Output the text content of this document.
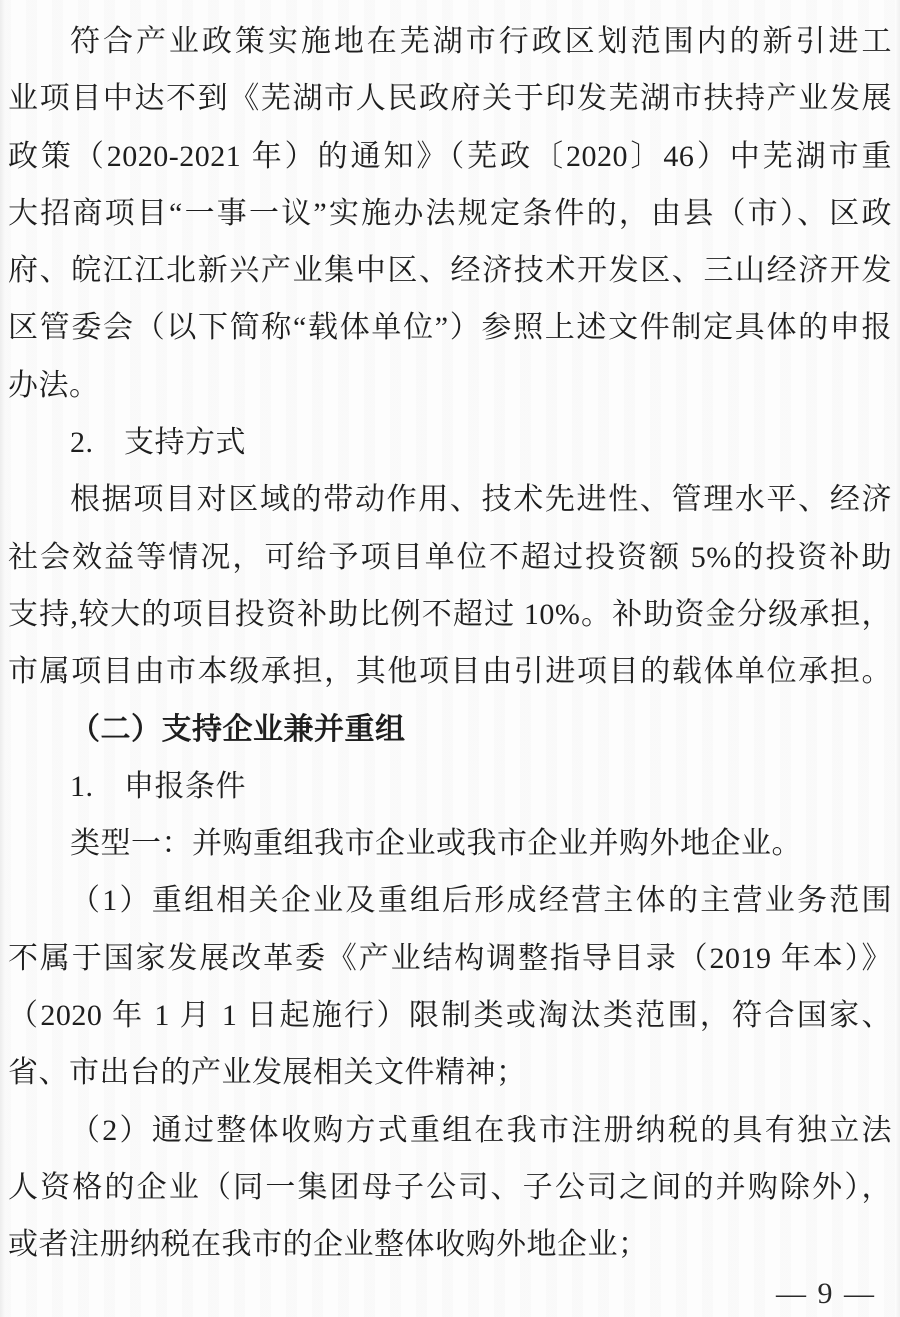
符合产业政策实施地在芜湖市行政区划范围内的新引进工
业项目中达不到《芜湖市人民政府关于印发芜湖市扶持产业发展
政策（2020-2021 年）的通知》（芜政〔2020〕46）中芜湖市重
大招商项目“一事一议”实施办法规定条件的，由县（市）、区政
府、皖江江北新兴产业集中区、经济技术开发区、三山经济开发
区管委会（以下简称“载体单位”）参照上述文件制定具体的申报
办法。
2.　支持方式
根据项目对区域的带动作用、技术先进性、管理水平、经济
社会效益等情况，可给予项目单位不超过投资额 5%的投资补助
支持,较大的项目投资补助比例不超过 10%。补助资金分级承担，
市属项目由市本级承担，其他项目由引进项目的载体单位承担。
（二）支持企业兼并重组
1.　申报条件
类型一：并购重组我市企业或我市企业并购外地企业。
（1）重组相关企业及重组后形成经营主体的主营业务范围
不属于国家发展改革委《产业结构调整指导目录（2019 年本）》
（2020 年 1 月 1 日起施行）限制类或淘汰类范围，符合国家、
省、市出台的产业发展相关文件精神；
（2）通过整体收购方式重组在我市注册纳税的具有独立法
人资格的企业（同一集团母子公司、子公司之间的并购除外），
或者注册纳税在我市的企业整体收购外地企业；
— 9 —
